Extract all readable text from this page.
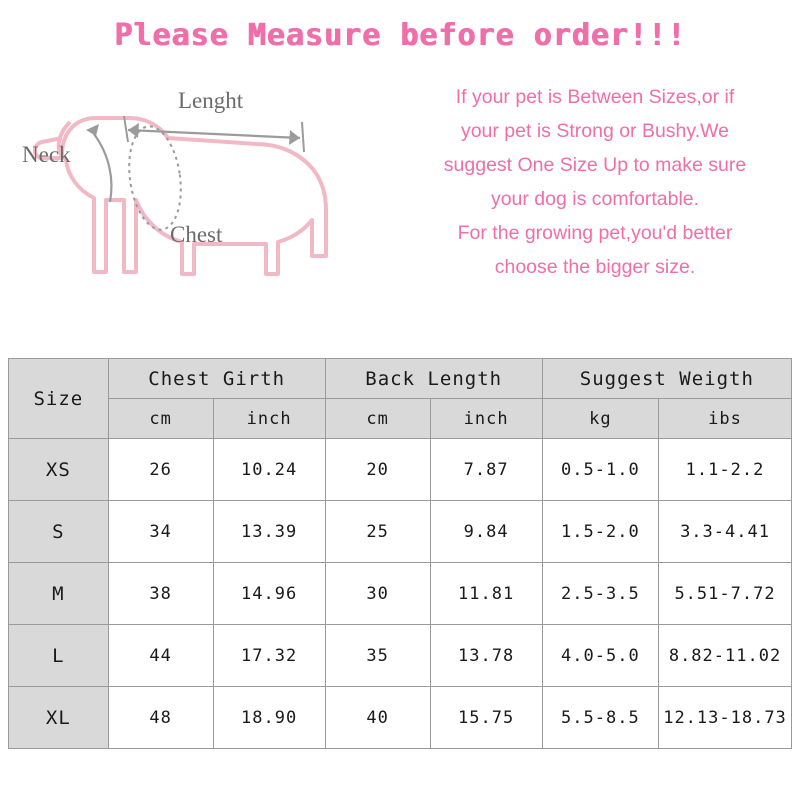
Please Measure before order!!!
Lenght
Neck
Chest
If your pet is Between Sizes,or if
your pet is Strong or Bushy.We
suggest One Size Up to make sure
your dog is comfortable.
For the growing pet,you'd better
choose the bigger size.
Size	Chest Girth		Back Length		Suggest Weigth	
	cm	inch	cm	inch	kg	ibs
XS	26	10.24	20	7.87	0.5-1.0	1.1-2.2
S	34	13.39	25	9.84	1.5-2.0	3.3-4.41
M	38	14.96	30	11.81	2.5-3.5	5.51-7.72
L	44	17.32	35	13.78	4.0-5.0	8.82-11.02
XL	48	18.90	40	15.75	5.5-8.5	12.13-18.73
